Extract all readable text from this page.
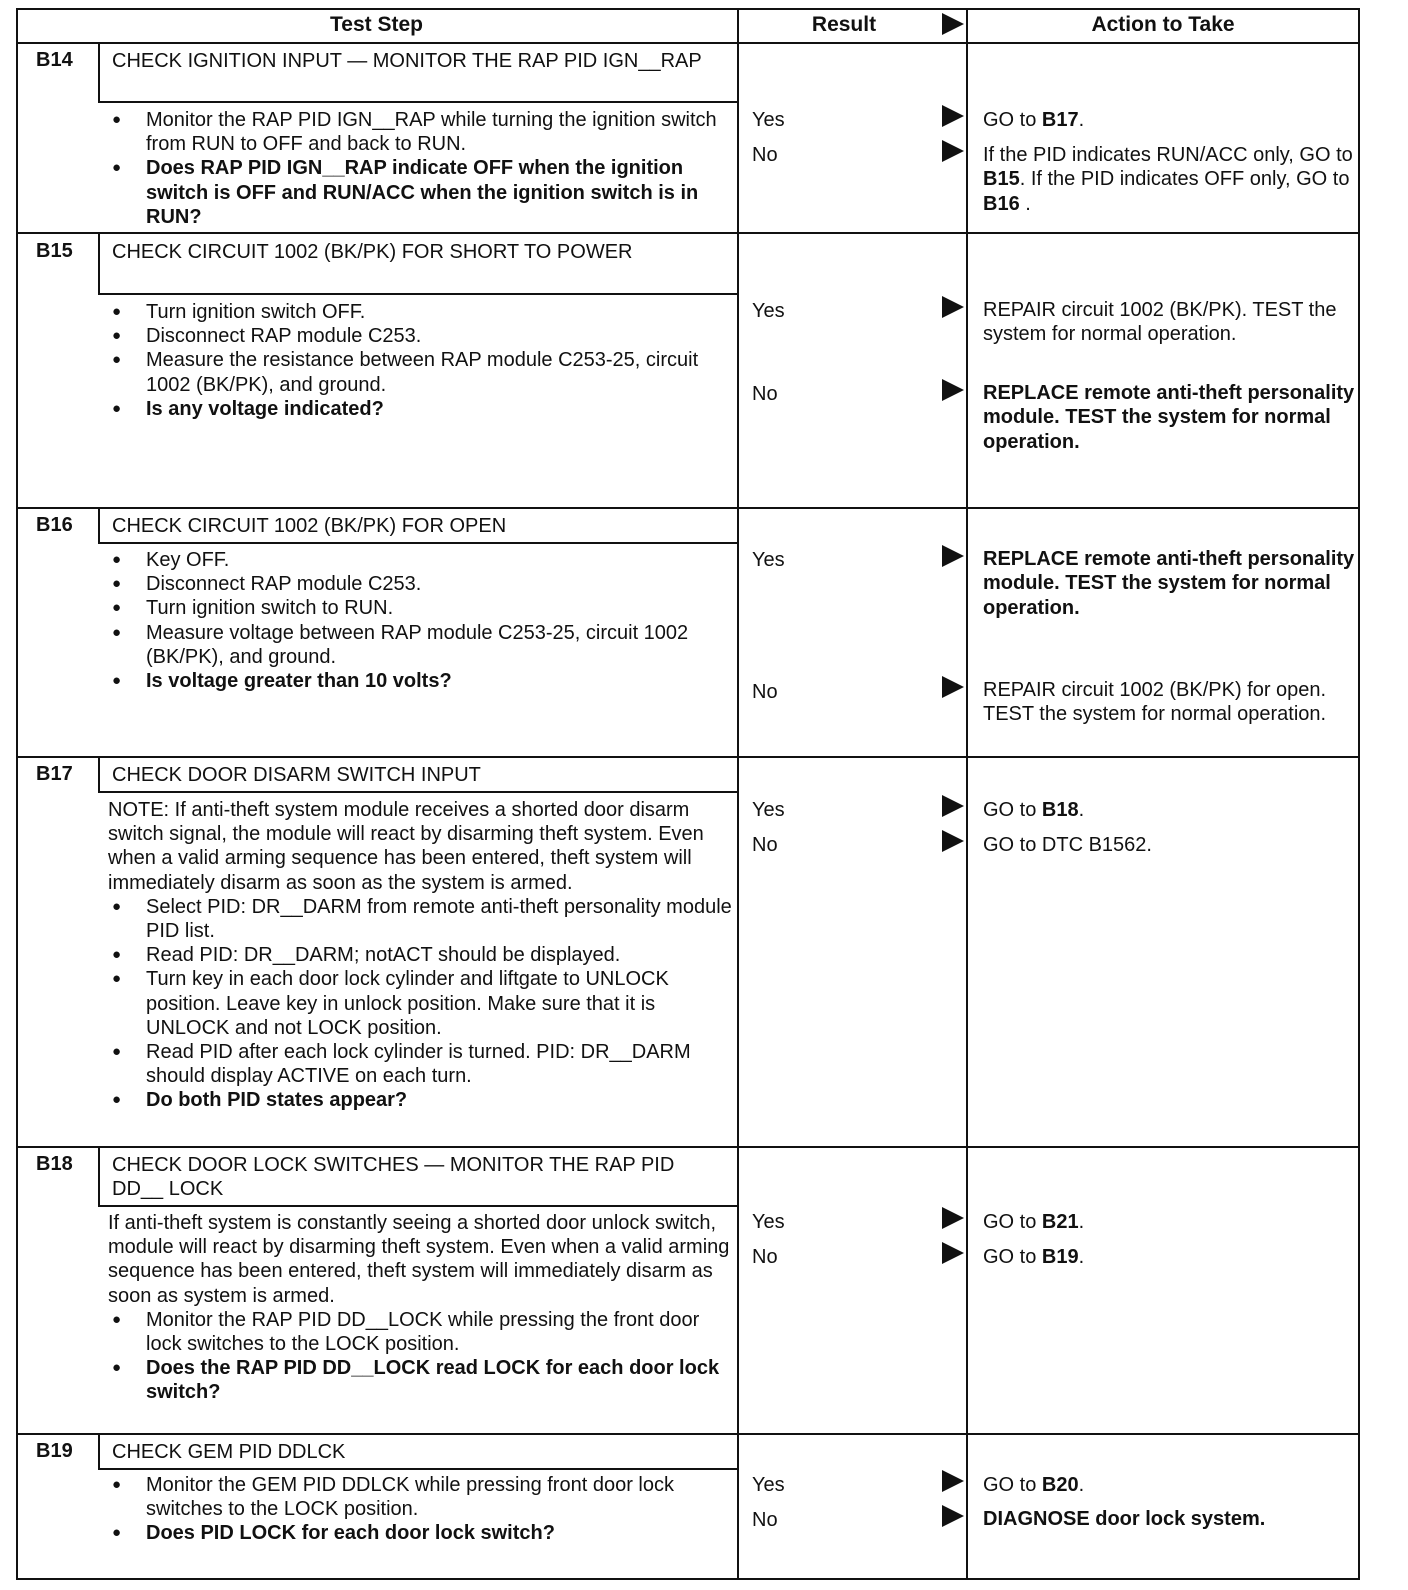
Test Step	Result	Action to Take
B14	CHECK IGNITION INPUT — MONITOR THE RAP PID IGN__RAP

● Monitor the RAP PID IGN__RAP while turning the ignition switch from RUN to OFF and back to RUN.

● Does RAP PID IGN__RAP indicate OFF when the ignition switch is OFF and RUN/ACC when the ignition switch is in RUN?

Yes	GO to B17.
No	If the PID indicates RUN/ACC only, GO to B15. If the PID indicates OFF only, GO to B16 .
B15	CHECK CIRCUIT 1002 (BK/PK) FOR SHORT TO POWER

● Turn ignition switch OFF.

● Disconnect RAP module C253.

● Measure the resistance between RAP module C253-25, circuit 1002 (BK/PK), and ground.

● Is any voltage indicated?

Yes	REPAIR circuit 1002 (BK/PK). TEST the system for normal operation.
No	REPLACE remote anti-theft personality module. TEST the system for normal operation.
B16	CHECK CIRCUIT 1002 (BK/PK) FOR OPEN

● Key OFF.

● Disconnect RAP module C253.

● Turn ignition switch to RUN.

● Measure voltage between RAP module C253-25, circuit 1002 (BK/PK), and ground.

● Is voltage greater than 10 volts?

Yes	REPLACE remote anti-theft personality module. TEST the system for normal operation.
No	REPAIR circuit 1002 (BK/PK) for open. TEST the system for normal operation.
B17	CHECK DOOR DISARM SWITCH INPUT

NOTE: If anti-theft system module receives a shorted door disarm switch signal, the module will react by disarming theft system. Even when a valid arming sequence has been entered, theft system will immediately disarm as soon as the system is armed.

● Select PID: DR__DARM from remote anti-theft personality module PID list.

● Read PID: DR__DARM; notACT should be displayed.

● Turn key in each door lock cylinder and liftgate to UNLOCK position. Leave key in unlock position. Make sure that it is UNLOCK and not LOCK position.

● Read PID after each lock cylinder is turned. PID: DR__DARM should display ACTIVE on each turn.

● Do both PID states appear?

Yes	GO to B18.
No	GO to DTC B1562.
B18	CHECK DOOR LOCK SWITCHES — MONITOR THE RAP PID DD__ LOCK

If anti-theft system is constantly seeing a shorted door unlock switch, module will react by disarming theft system. Even when a valid arming sequence has been entered, theft system will immediately disarm as soon as system is armed.

● Monitor the RAP PID DD__LOCK while pressing the front door lock switches to the LOCK position.

● Does the RAP PID DD__LOCK read LOCK for each door lock switch?

Yes	GO to B21.
No	GO to B19.
B19	CHECK GEM PID DDLCK

● Monitor the GEM PID DDLCK while pressing front door lock switches to the LOCK position.

● Does PID LOCK for each door lock switch?

Yes	GO to B20.
No	DIAGNOSE door lock system.
